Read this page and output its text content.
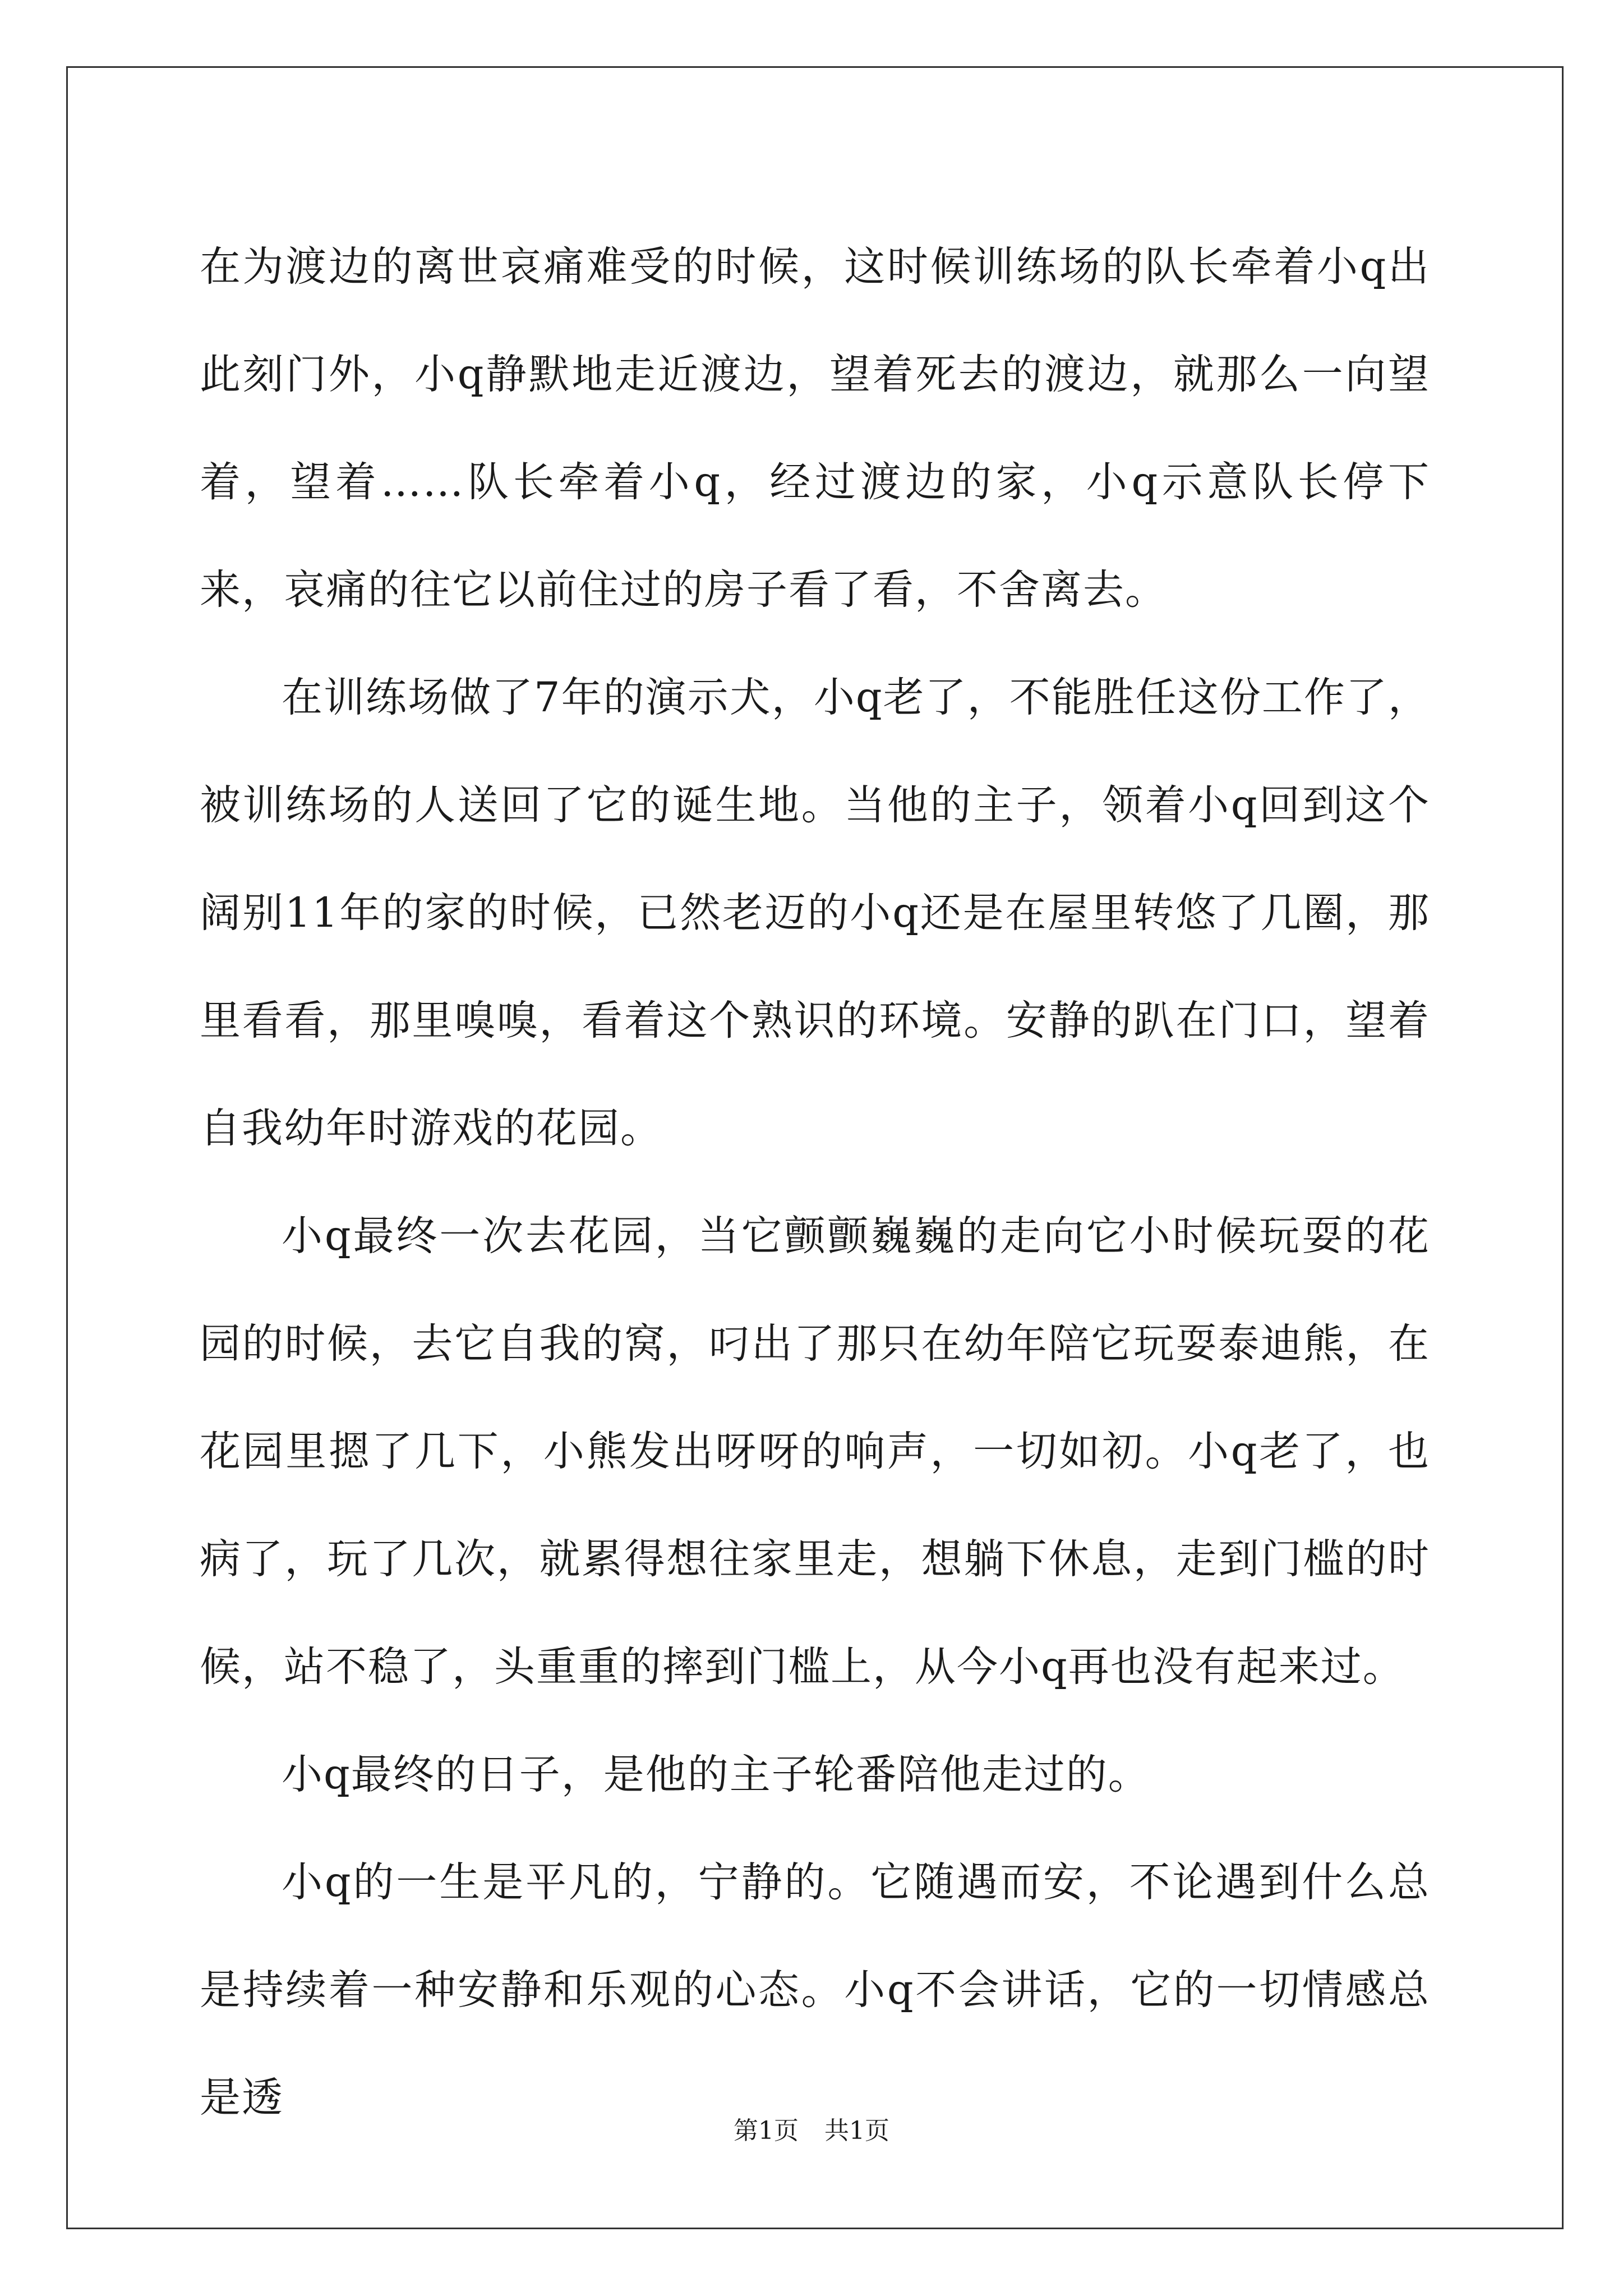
在为渡边的离世哀痛难受的时候，这时候训练场的队长牵着小q出此刻门外，小q静默地走近渡边，望着死去的渡边，就那么一向望着，望着……队长牵着小q，经过渡边的家，小q示意队长停下来，哀痛的往它以前住过的房子看了看，不舍离去。

在训练场做了7年的演示犬，小q老了，不能胜任这份工作了，被训练场的人送回了它的诞生地。当他的主子，领着小q回到这个阔别11年的家的时候，已然老迈的小q还是在屋里转悠了几圈，那里看看，那里嗅嗅，看着这个熟识的环境。安静的趴在门口，望着自我幼年时游戏的花园。

小q最终一次去花园，当它颤颤巍巍的走向它小时候玩耍的花园的时候，去它自我的窝，叼出了那只在幼年陪它玩耍泰迪熊，在花园里摁了几下，小熊发出呀呀的响声，一切如初。小q老了，也病了，玩了几次，就累得想往家里走，想躺下休息，走到门槛的时候，站不稳了，头重重的摔到门槛上，从今小q再也没有起来过。

小q最终的日子，是他的主子轮番陪他走过的。

小q的一生是平凡的，宁静的。它随遇而安，不论遇到什么总是持续着一种安静和乐观的心态。小q不会讲话，它的一切情感总是透

第1页 共1页
